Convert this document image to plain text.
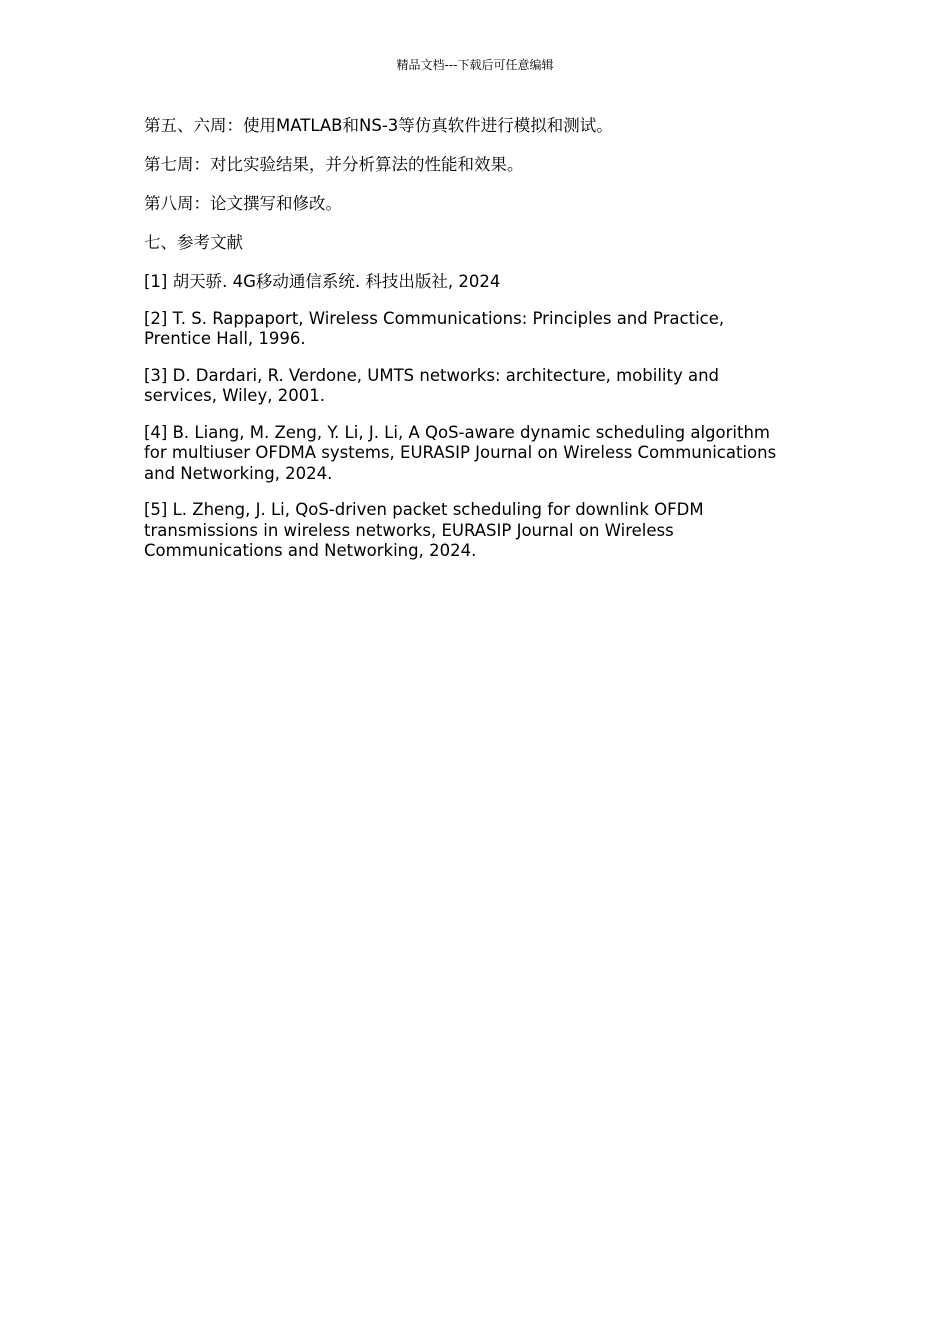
精品文档---下载后可任意编辑

第五、六周：使用MATLAB和NS-3等仿真软件进行模拟和测试。

第七周：对比实验结果，并分析算法的性能和效果。

第八周：论文撰写和修改。

七、参考文献

[1] 胡天骄. 4G移动通信系统. 科技出版社, 2024

[2] T. S. Rappaport, Wireless Communications: Principles and Practice, Prentice Hall, 1996.

[3] D. Dardari, R. Verdone, UMTS networks: architecture, mobility and services, Wiley, 2001.

[4] B. Liang, M. Zeng, Y. Li, J. Li, A QoS-aware dynamic scheduling algorithm for multiuser OFDMA systems, EURASIP Journal on Wireless Communications and Networking, 2024.

[5] L. Zheng, J. Li, QoS-driven packet scheduling for downlink OFDM transmissions in wireless networks, EURASIP Journal on Wireless Communications and Networking, 2024.
